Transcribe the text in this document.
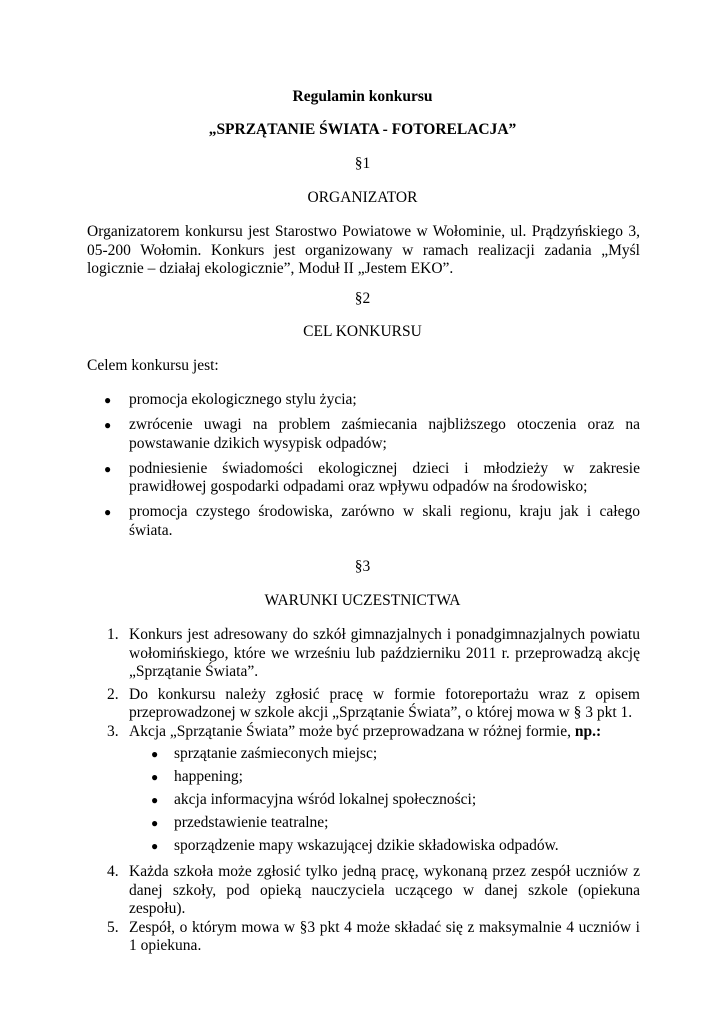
Regulamin konkursu
„SPRZĄTANIE ŚWIATA - FOTORELACJA”
§1
ORGANIZATOR
Organizatorem konkursu jest Starostwo Powiatowe w Wołominie, ul. Prądzyńskiego 3, 05-200 Wołomin. Konkurs jest organizowany w ramach realizacji zadania „Myśl logicznie – działaj ekologicznie”, Moduł II „Jestem EKO”.
§2
CEL KONKURSU
Celem konkursu jest:
● promocja ekologicznego stylu życia;
● zwrócenie uwagi na problem zaśmiecania najbliższego otoczenia oraz na powstawanie dzikich wysypisk odpadów;
● podniesienie świadomości ekologicznej dzieci i młodzieży w zakresie prawidłowej gospodarki odpadami oraz wpływu odpadów na środowisko;
● promocja czystego środowiska, zarówno w skali regionu, kraju jak i całego świata.
§3
WARUNKI UCZESTNICTWA
1. Konkurs jest adresowany do szkół gimnazjalnych i ponadgimnazjalnych powiatu wołomińskiego, które we wrześniu lub październiku 2011 r. przeprowadzą akcję „Sprzątanie Świata”.
2. Do konkursu należy zgłosić pracę w formie fotoreportażu wraz z opisem przeprowadzonej w szkole akcji „Sprzątanie Świata”, o której mowa w § 3 pkt 1.
3. Akcja „Sprzątanie Świata” może być przeprowadzana w różnej formie, np.:
● sprzątanie zaśmieconych miejsc;
● happening;
● akcja informacyjna wśród lokalnej społeczności;
● przedstawienie teatralne;
● sporządzenie mapy wskazującej dzikie składowiska odpadów.
4. Każda szkoła może zgłosić tylko jedną pracę, wykonaną przez zespół uczniów z danej szkoły, pod opieką nauczyciela uczącego w danej szkole (opiekuna zespołu).
5. Zespół, o którym mowa w §3 pkt 4 może składać się z maksymalnie 4 uczniów i 1 opiekuna.
